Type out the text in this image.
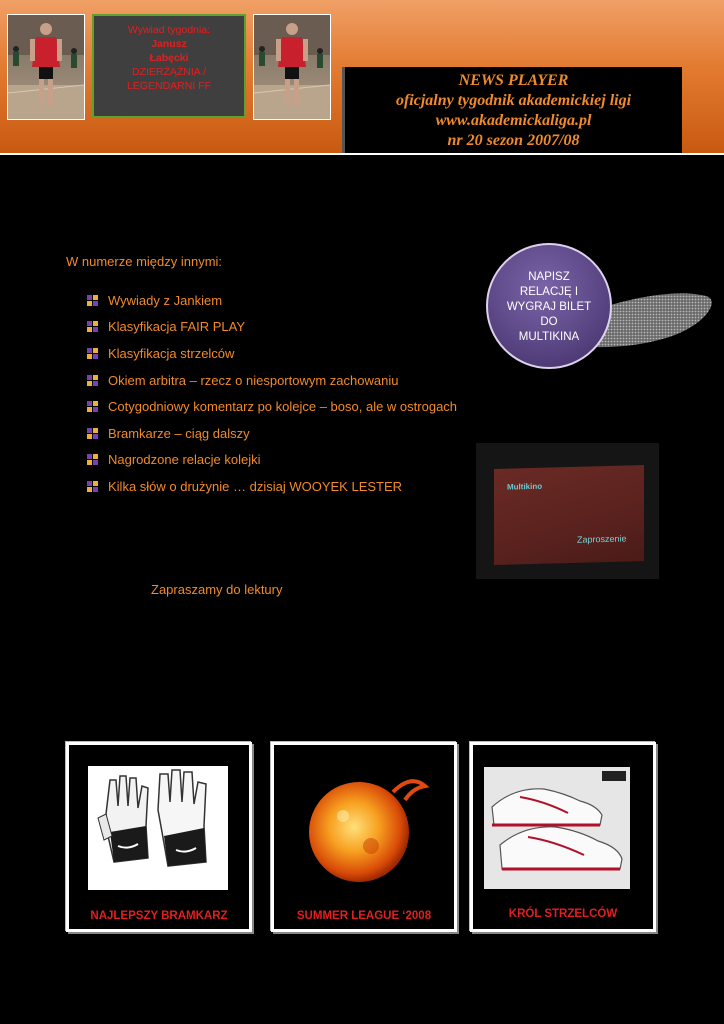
Wywiad tygodnia:
Janusz
Łabęcki
DZIERŻĄŻNIA /
LEGENDARNI FF	NEWS PLAYER
oficjalny tygodnik akademickiej ligi
www.akademickaliga.pl
nr 20 sezon 2007/08

W numerze między innymi:

Wywiady z Jankiem
Klasyfikacja FAIR PLAY
Klasyfikacja strzelców
Okiem arbitra – rzecz o niesportowym zachowaniu
Cotygodniowy komentarz po kolejce – boso, ale w ostrogach
Bramkarze – ciąg dalszy
Nagrodzone relacje kolejki
Kilka słów o drużynie … dzisiaj WOOYEK LESTER
Zapraszamy do lektury
NAPISZ
RELACJĘ I
WYGRAJ BILET
DO
MULTIKINA
Multikino
Zaproszenie
NAJLEPSZY BRAMKARZ	SUMMER LEAGUE ‘2008	KRÓL STRZELCÓW
